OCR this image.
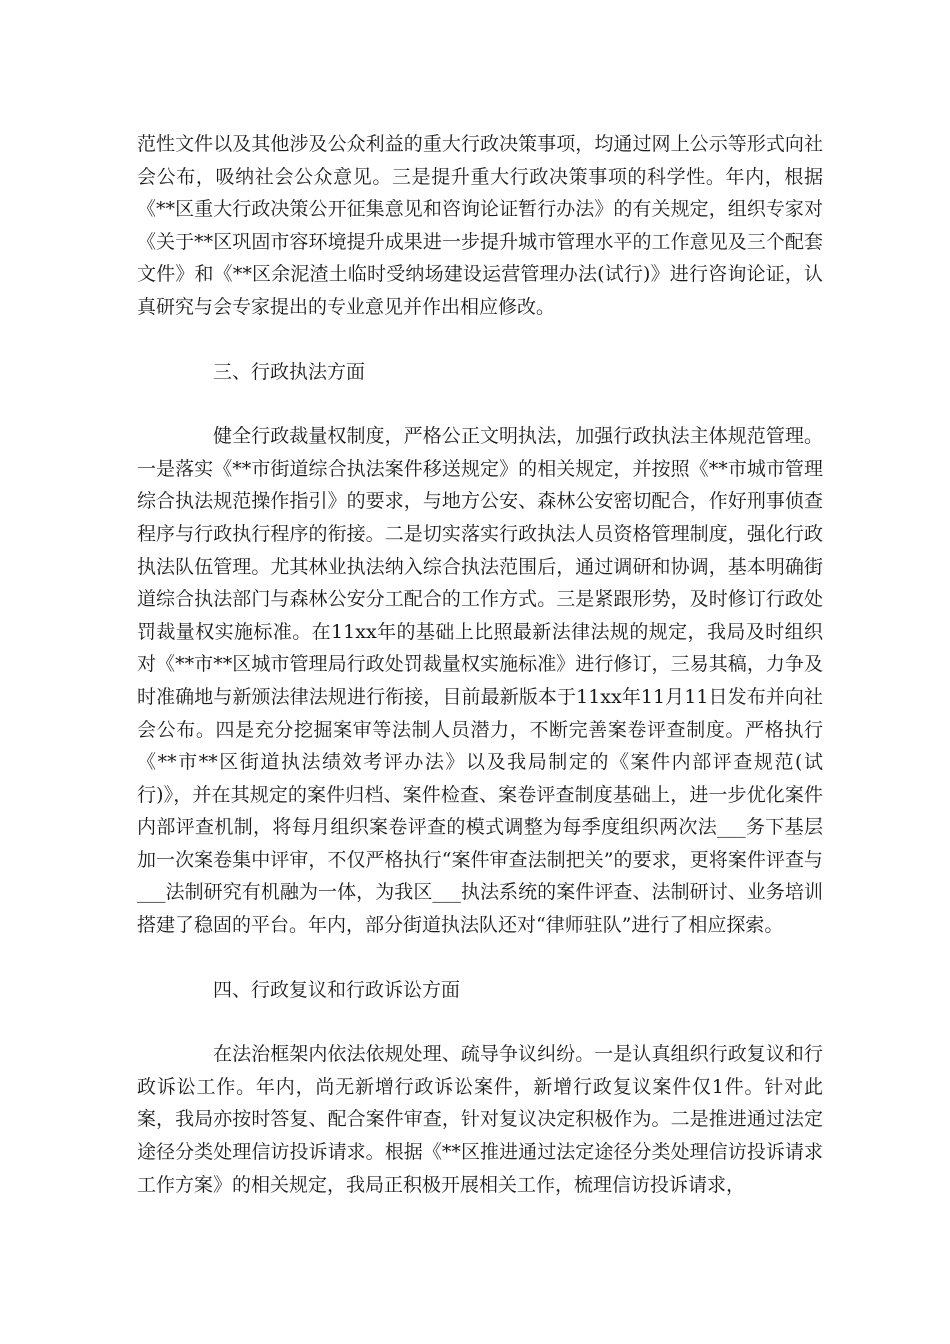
范性文件以及其他涉及公众利益的重大行政决策事项，均通过网上公示等形式向社会公布，吸纳社会公众意见。三是提升重大行政决策事项的科学性。年内，根据《**区重大行政决策公开征集意见和咨询论证暂行办法》的有关规定，组织专家对《关于**区巩固市容环境提升成果进一步提升城市管理水平的工作意见及三个配套文件》和《**区余泥渣土临时受纳场建设运营管理办法(试行)》进行咨询论证，认真研究与会专家提出的专业意见并作出相应修改。

三、行政执法方面

健全行政裁量权制度，严格公正文明执法，加强行政执法主体规范管理。一是落实《**市街道综合执法案件移送规定》的相关规定，并按照《**市城市管理综合执法规范操作指引》的要求，与地方公安、森林公安密切配合，作好刑事侦查程序与行政执行程序的衔接。二是切实落实行政执法人员资格管理制度，强化行政执法队伍管理。尤其林业执法纳入综合执法范围后，通过调研和协调，基本明确街道综合执法部门与森林公安分工配合的工作方式。三是紧跟形势，及时修订行政处罚裁量权实施标准。在11xx年的基础上比照最新法律法规的规定，我局及时组织对《**市**区城市管理局行政处罚裁量权实施标准》进行修订，三易其稿，力争及时准确地与新颁法律法规进行衔接，目前最新版本于11xx年11月11日发布并向社会公布。四是充分挖掘案审等法制人员潜力，不断完善案卷评查制度。严格执行《**市**区街道执法绩效考评办法》以及我局制定的《案件内部评查规范(试行)》，并在其规定的案件归档、案件检查、案卷评查制度基础上，进一步优化案件内部评查机制，将每月组织案卷评查的模式调整为每季度组织两次法___务下基层加一次案卷集中评审，不仅严格执行“案件审查法制把关”的要求，更将案件评查与___法制研究有机融为一体，为我区___执法系统的案件评查、法制研讨、业务培训搭建了稳固的平台。年内，部分街道执法队还对“律师驻队”进行了相应探索。

四、行政复议和行政诉讼方面

在法治框架内依法依规处理、疏导争议纠纷。一是认真组织行政复议和行政诉讼工作。年内，尚无新增行政诉讼案件，新增行政复议案件仅1件。针对此案，我局亦按时答复、配合案件审查，针对复议决定积极作为。二是推进通过法定途径分类处理信访投诉请求。根据《**区推进通过法定途径分类处理信访投诉请求工作方案》的相关规定，我局正积极开展相关工作，梳理信访投诉请求，
